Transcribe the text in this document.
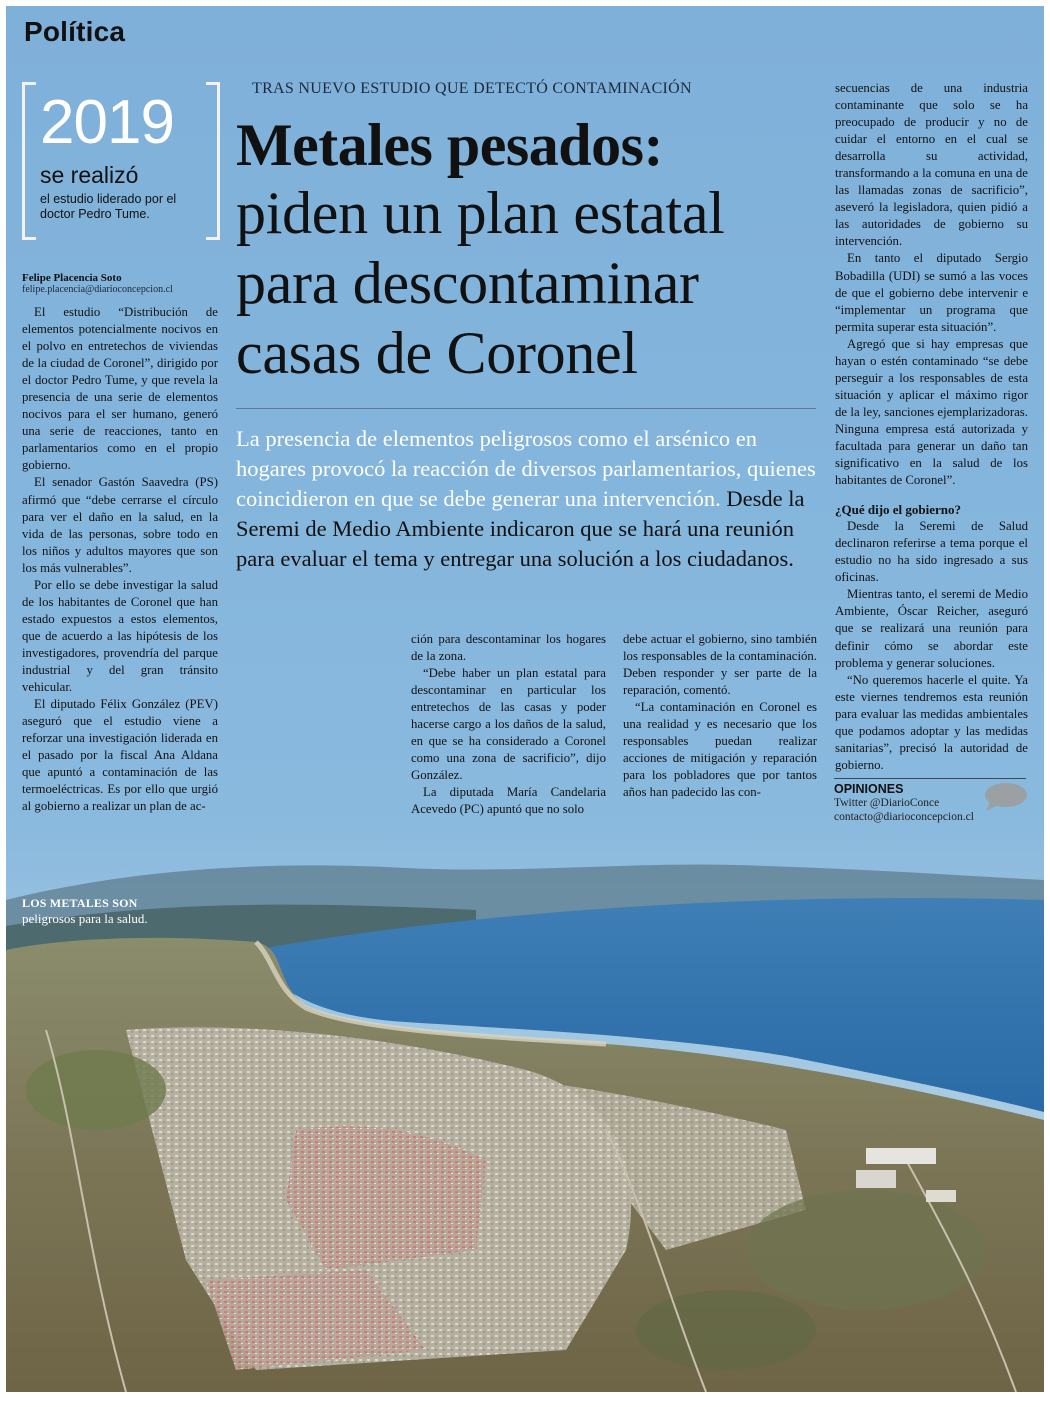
Política
2019
se realizó
el estudio liderado por el doctor Pedro Tume.
TRAS NUEVO ESTUDIO QUE DETECTÓ CONTAMINACIÓN
Metales pesados:
piden un plan estatal
para descontaminar
casas de Coronel
La presencia de elementos peligrosos como el arsénico en hogares provocó la reacción de diversos parlamentarios, quienes coincidieron en que se debe generar una intervención. Desde la Seremi de Medio Ambiente indicaron que se hará una reunión para evaluar el tema y entregar una solución a los ciudadanos.
Felipe Placencia Soto
felipe.placencia@diarioconcepcion.cl

El estudio “Distribución de elementos potencialmente nocivos en el polvo en entretechos de viviendas de la ciudad de Coronel”, dirigido por el doctor Pedro Tume, y que revela la presencia de una serie de elementos nocivos para el ser humano, generó una serie de reacciones, tanto en parlamentarios como en el propio gobierno.

El senador Gastón Saavedra (PS) afirmó que “debe cerrarse el círculo para ver el daño en la salud, en la vida de las personas, sobre todo en los niños y adultos mayores que son los más vulnerables”.

Por ello se debe investigar la salud de los habitantes de Coronel que han estado expuestos a estos elementos, que de acuerdo a las hipótesis de los investigadores, provendría del parque industrial y del gran tránsito vehicular.

El diputado Félix González (PEV) aseguró que el estudio viene a reforzar una investigación liderada en el pasado por la fiscal Ana Aldana que apuntó a contaminación de las termoeléctricas. Es por ello que urgió al gobierno a realizar un plan de ac-

ción para descontaminar los hogares de la zona.

“Debe haber un plan estatal para descontaminar en particular los entretechos de las casas y poder hacerse cargo a los daños de la salud, en que se ha considerado a Coronel como una zona de sacrificio”, dijo González.

La diputada María Candelaria Acevedo (PC) apuntó que no solo

debe actuar el gobierno, sino también los responsables de la contaminación. Deben responder y ser parte de la reparación, comentó.

“La contaminación en Coronel es una realidad y es necesario que los responsables puedan realizar acciones de mitigación y reparación para los pobladores que por tantos años han padecido las con-

secuencias de una industria contaminante que solo se ha preocupado de producir y no de cuidar el entorno en el cual se desarrolla su actividad, transformando a la comuna en una de las llamadas zonas de sacrificio”, aseveró la legisladora, quien pidió a las autoridades de gobierno su intervención.

En tanto el diputado Sergio Bobadilla (UDI) se sumó a las voces de que el gobierno debe intervenir e “implementar un programa que permita superar esta situación”.

Agregó que si hay empresas que hayan o estén contaminado “se debe perseguir a los responsables de esta situación y aplicar el máximo rigor de la ley, sanciones ejemplarizadoras. Ninguna empresa está autorizada y facultada para generar un daño tan significativo en la salud de los habitantes de Coronel”.

¿Qué dijo el gobierno?

Desde la Seremi de Salud declinaron referirse a tema porque el estudio no ha sido ingresado a sus oficinas.

Mientras tanto, el seremi de Medio Ambiente, Óscar Reicher, aseguró que se realizará una reunión para definir cómo se abordar este problema y generar soluciones.

“No queremos hacerle el quite. Ya este viernes tendremos esta reunión para evaluar las medidas ambientales que podamos adoptar y las medidas sanitarias”, precisó la autoridad de gobierno.

OPINIONES
Twitter @DiarioConce
contacto@diarioconcepcion.cl
LOS METALES SON
peligrosos para la salud.
